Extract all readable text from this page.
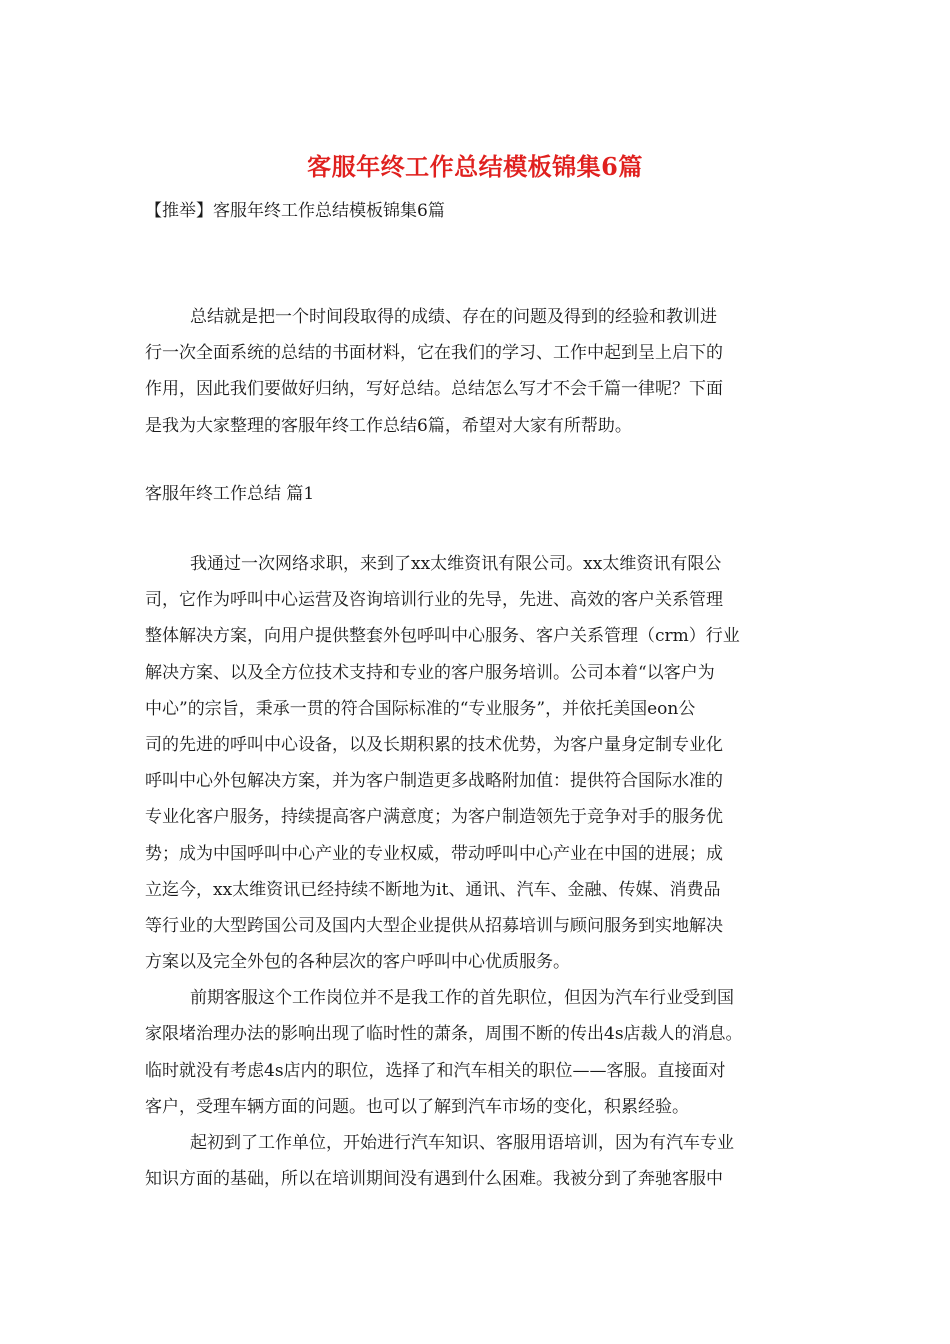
客服年终工作总结模板锦集6篇
【推举】客服年终工作总结模板锦集6篇
总结就是把一个时间段取得的成绩、存在的问题及得到的经验和教训进
行一次全面系统的总结的书面材料，它在我们的学习、工作中起到呈上启下的
作用，因此我们要做好归纳，写好总结。总结怎么写才不会千篇一律呢？下面
是我为大家整理的客服年终工作总结6篇，希望对大家有所帮助。
客服年终工作总结 篇1
我通过一次网络求职，来到了xx太维资讯有限公司。xx太维资讯有限公
司，它作为呼叫中心运营及咨询培训行业的先导，先进、高效的客户关系管理
整体解决方案，向用户提供整套外包呼叫中心服务、客户关系管理（crm）行业
解决方案、以及全方位技术支持和专业的客户服务培训。公司本着“以客户为
中心”的宗旨，秉承一贯的符合国际标准的“专业服务”，并依托美国eon公
司的先进的呼叫中心设备，以及长期积累的技术优势，为客户量身定制专业化
呼叫中心外包解决方案，并为客户制造更多战略附加值：提供符合国际水准的
专业化客户服务，持续提高客户满意度；为客户制造领先于竞争对手的服务优
势；成为中国呼叫中心产业的专业权威，带动呼叫中心产业在中国的进展；成
立迄今，xx太维资讯已经持续不断地为it、通讯、汽车、金融、传媒、消费品
等行业的大型跨国公司及国内大型企业提供从招募培训与顾问服务到实地解决
方案以及完全外包的各种层次的客户呼叫中心优质服务。
前期客服这个工作岗位并不是我工作的首先职位，但因为汽车行业受到国
家限堵治理办法的影响出现了临时性的萧条，周围不断的传出4s店裁人的消息。
临时就没有考虑4s店内的职位，选择了和汽车相关的职位——客服。直接面对
客户，受理车辆方面的问题。也可以了解到汽车市场的变化，积累经验。
起初到了工作单位，开始进行汽车知识、客服用语培训，因为有汽车专业
知识方面的基础，所以在培训期间没有遇到什么困难。我被分到了奔驰客服中
